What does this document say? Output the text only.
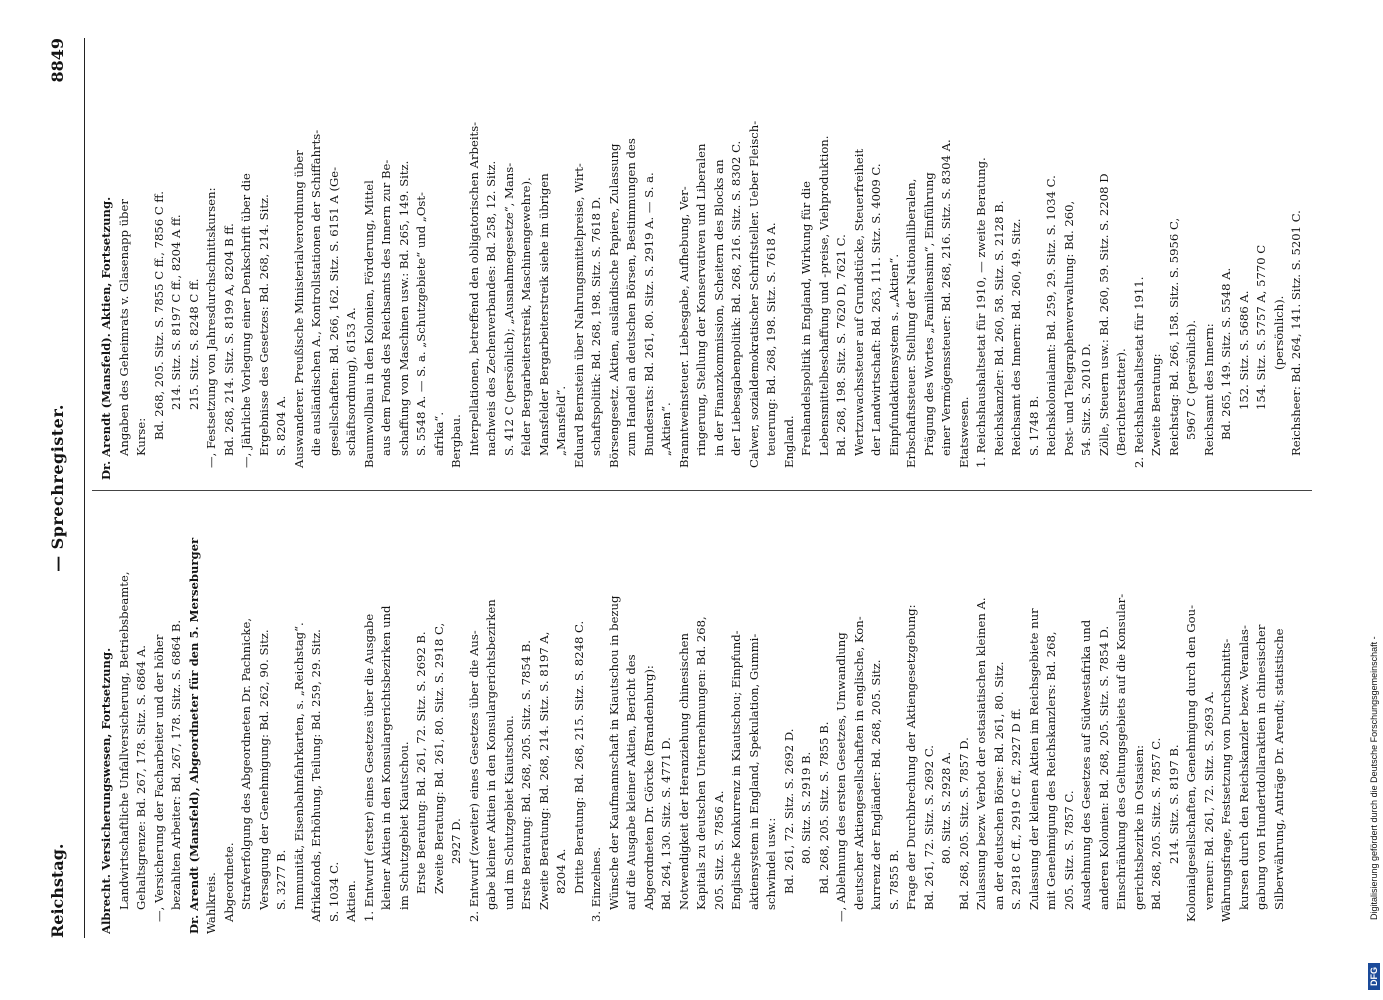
Reichstag.
— Sprechregister.
8849
Albrecht. Versicherungswesen, Fortsetzung. Landwirtschaftliche Unfallversicherung, Betriebsbeamte, Gehaltsgrenze: Bd. 267, 178. Sitz. S. 6864 A. —, Versicherung der Facharbeiter und der höher bezahlten Arbeiter: Bd. 267, 178. Sitz. S. 6864 B. Dr. Arendt (Mansfeld), Abgeordneter für den 5. Merseburger Wahlkreis. Abgeordnete. Strafverfolgung des Abgeordneten Dr. Pachnicke, Versagung der Genehmigung: Bd. 262, 90. Sitz. S. 3277 B. Immunität, Eisenbahnfahrkarten, s. „Reichstag“. Afrikafonds, Erhöhung, Teilung: Bd. 259, 29. Sitz. S. 1034 C. Aktien. 1. Entwurf (erster) eines Gesetzes über die Ausgabe kleiner Aktien in den Konsulargerichtsbezirken und im Schutzgebiet Kiautschou. Erste Beratung: Bd. 261, 72. Sitz. S. 2692 B. Zweite Beratung: Bd. 261, 80. Sitz. S. 2918 C, 2927 D. 2. Entwurf (zweiter) eines Gesetzes über die Aus- gabe kleiner Aktien in den Konsulargerichtsbezirken und im Schutzgebiet Kiautschou. Erste Beratung: Bd. 268, 205. Sitz. S. 7854 B. Zweite Beratung: Bd. 268, 214. Sitz. S. 8197 A, 8204 A. Dritte Beratung: Bd. 268, 215. Sitz. S. 8248 C. 3. Einzelnes. Wünsche der Kaufmannschaft in Kiautschou in bezug auf die Ausgabe kleiner Aktien, Bericht des Abgeordneten Dr. Görcke (Brandenburg): Bd. 264, 130. Sitz. S. 4771 D. Notwendigkeit der Heranziehung chinesischen Kapitals zu deutschen Unternehmungen: Bd. 268, 205. Sitz. S. 7856 A. Englische Konkurrenz in Kiautschou; Einpfund- aktiensystem in England, Spekulation, Gummi- schwindel usw.: Bd. 261, 72. Sitz. S. 2692 D. 80. Sitz. S. 2919 B. Bd. 268, 205. Sitz. S. 7855 B. —, Ablehnung des ersten Gesetzes, Umwandlung deutscher Aktiengesellschaften in englische, Kon- kurrenz der Engländer: Bd. 268, 205. Sitz. S. 7855 B. Frage der Durchbrechung der Aktiengesetzgebung: Bd. 261, 72. Sitz. S. 2692 C. 80. Sitz. S. 2928 A. Bd. 268, 205. Sitz. S. 7857 D. Zulassung bezw. Verbot der ostasiatischen kleinen A. an der deutschen Börse: Bd. 261, 80. Sitz. S. 2918 C ff., 2919 C ff., 2927 D ff. Zulassung der kleinen Aktien im Reichsgebiete nur mit Genehmigung des Reichskanzlers: Bd. 268, 205. Sitz. S. 7857 C. Ausdehnung des Gesetzes auf Südwestafrika und anderen Kolonien: Bd. 268, 205. Sitz. S. 7854 D. Einschränkung des Geltungsgebiets auf die Konsular- gerichtsbezirke in Ostasien: Bd. 268, 205. Sitz. S. 7857 C. 214. Sitz. S. 8197 B. Kolonialgesellschaften, Genehmigung durch den Gou- verneur: Bd. 261, 72. Sitz. S. 2693 A. Währungsfrage, Festsetzung von Durchschnitts- kursen durch den Reichskanzler bezw. Veranlas- gabung von Hundertdollaraktien in chinesischer Silberwährung, Anträge Dr. Arendt; statistische
Dr. Arendt (Mansfeld). Aktien, Fortsetzung. Angaben des Geheimrats v. Glasenapp über Kurse: Bd. 268, 205. Sitz. S. 7855 C ff., 7856 C ff. 214. Sitz. S. 8197 C ff., 8204 A ff. 215. Sitz. S. 8248 C ff. —, Festsetzung von Jahresdurchschnittskursen: Bd. 268, 214. Sitz. S. 8199 A, 8204 B ff. —, Jährliche Vorlegung einer Denkschrift über die Ergebnisse des Gesetzes: Bd. 268, 214. Sitz. S. 8204 A. Auswanderer. Preußische Ministerialverordnung über die ausländischen A., Kontrollstationen der Schiffahrts- gesellschaften: Bd. 266, 162. Sitz. S. 6151 A (Ge- schäftsordnung), 6153 A. Baumwollbau in den Kolonien, Förderung, Mittel aus dem Fonds des Reichsamts des Innern zur Be- schaffung von Maschinen usw.: Bd. 265, 149. Sitz. S. 5548 A. — S. a. „Schutzgebiete“ und „Ost- afrika“. Bergbau. Interpellationen, betreffend den obligatorischen Arbeits- nachweis des Zechenverbandes: Bd. 258, 12. Sitz. S. 412 C (persönlich); „Ausnahmegesetze“, Mans- felder Bergarbeiterstreik, Maschinengewehre). Mansfelder Bergarbeiterstreik siehe im übrigen „Mansfeld“. Eduard Bernstein über Nahrungsmittelpreise, Wirt- schaftspolitik: Bd. 268, 198. Sitz. S. 7618 D. Börsengesetz. Aktien, ausländische Papiere, Zulassung zum Handel an deutschen Börsen, Bestimmungen des Bundesrats: Bd. 261, 80. Sitz. S. 2919 A. — S. a. „Aktien“. Branntweinsteuer. Liebesgabe, Aufhebung, Ver- ringerung, Stellung der Konservativen und Liberalen in der Finanzkommission, Scheitern des Blocks an der Liebesgabenpolitik: Bd. 268, 216. Sitz. S. 8302 C. Calwer, sozialdemokratischer Schriftsteller. Ueber Fleisch- teuerung: Bd. 268, 198. Sitz. S. 7618 A. England. Freihandelspolitik in England, Wirkung für die Lebensmittelbeschaffung und -preise, Viehproduktion. Bd. 268, 198. Sitz. S. 7620 D, 7621 C. Wertzuwachssteuer auf Grundstücke, Steuerfreiheit der Landwirtschaft: Bd. 263, 111. Sitz. S. 4009 C. Einpfundaktiensystem s. „Aktien“. Erbschaftssteuer. Stellung der Nationalliberalen, Prägung des Wortes „Familiensinn“, Einführung einer Vermögenssteuer: Bd. 268, 216. Sitz. S. 8304 A. Etatswesen. 1. Reichshaushaltsetat für 1910, — zweite Beratung. Reichskanzler: Bd. 260, 58. Sitz. S. 2128 B. Reichsamt des Innern: Bd. 260, 49. Sitz. S. 1748 B. Reichskolonialamt: Bd. 259, 29. Sitz. S. 1034 C. Post- und Telegraphenverwaltung: Bd. 260, 54. Sitz. S. 2010 D. Zölle, Steuern usw.: Bd. 260, 59. Sitz. S. 2208 D (Berichterstatter). 2. Reichshaushaltsetat für 1911. Zweite Beratung: Reichstag: Bd. 266, 158. Sitz. S. 5956 C, 5967 C (persönlich). Reichsamt des Innern: Bd. 265, 149. Sitz. S. 5548 A. 152. Sitz. S. 5686 A. 154. Sitz. S. 5757 A, 5770 C (persönlich). Reichsheer: Bd. 264, 141. Sitz. S. 5201 C.
Digitalisierung gefördert durch die Deutsche Forschungsgemeinschaft -
DFG
